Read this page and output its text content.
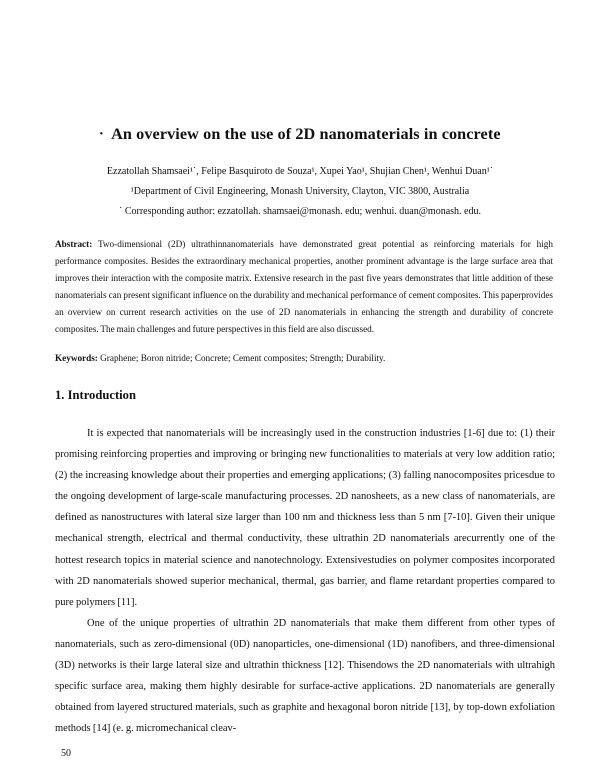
· An overview on the use of 2D nanomaterials in concrete
Ezzatollah Shamsaei¹˙, Felipe Basquiroto de Souza¹, Xupei Yao¹, Shujian Chen¹, Wenhui Duan¹˙
¹Department of Civil Engineering, Monash University, Clayton, VIC 3800, Australia
˙ Corresponding author: ezzatollah. shamsaei@monash. edu; wenhui. duan@monash. edu.
Abstract: Two-dimensional (2D) ultrathinnanomaterials have demonstrated great potential as reinforcing materials for high performance composites. Besides the extraordinary mechanical properties, another prominent advantage is the large surface area that improves their interaction with the composite matrix. Extensive research in the past five years demonstrates that little addition of these nanomaterials can present significant influence on the durability and mechanical performance of cement composites. This paperprovides an overview on current research activities on the use of 2D nanomaterials in enhancing the strength and durability of concrete composites. The main challenges and future perspectives in this field are also discussed.
Keywords: Graphene; Boron nitride; Concrete; Cement composites; Strength; Durability.
1. Introduction

It is expected that nanomaterials will be increasingly used in the construction industries [1-6] due to: (1) their promising reinforcing properties and improving or bringing new functionalities to materials at very low addition ratio; (2) the increasing knowledge about their properties and emerging applications; (3) falling nanocomposites pricesdue to the ongoing development of large-scale manufacturing processes. 2D nanosheets, as a new class of nanomaterials, are defined as nanostructures with lateral size larger than 100 nm and thickness less than 5 nm [7-10]. Given their unique mechanical strength, electrical and thermal conductivity, these ultrathin 2D nanomaterials arecurrently one of the hottest research topics in material science and nanotechnology. Extensivestudies on polymer composites incorporated with 2D nanomaterials showed superior mechanical, thermal, gas barrier, and flame retardant properties compared to pure polymers [11].

One of the unique properties of ultrathin 2D nanomaterials that make them different from other types of nanomaterials, such as zero-dimensional (0D) nanoparticles, one-dimensional (1D) nanofibers, and three-dimensional (3D) networks is their large lateral size and ultrathin thickness [12]. Thisendows the 2D nanomaterials with ultrahigh specific surface area, making them highly desirable for surface-active applications. 2D nanomaterials are generally obtained from layered structured materials, such as graphite and hexagonal boron nitride [13], by top-down exfoliation methods [14] (e. g. micromechanical cleav-

50
